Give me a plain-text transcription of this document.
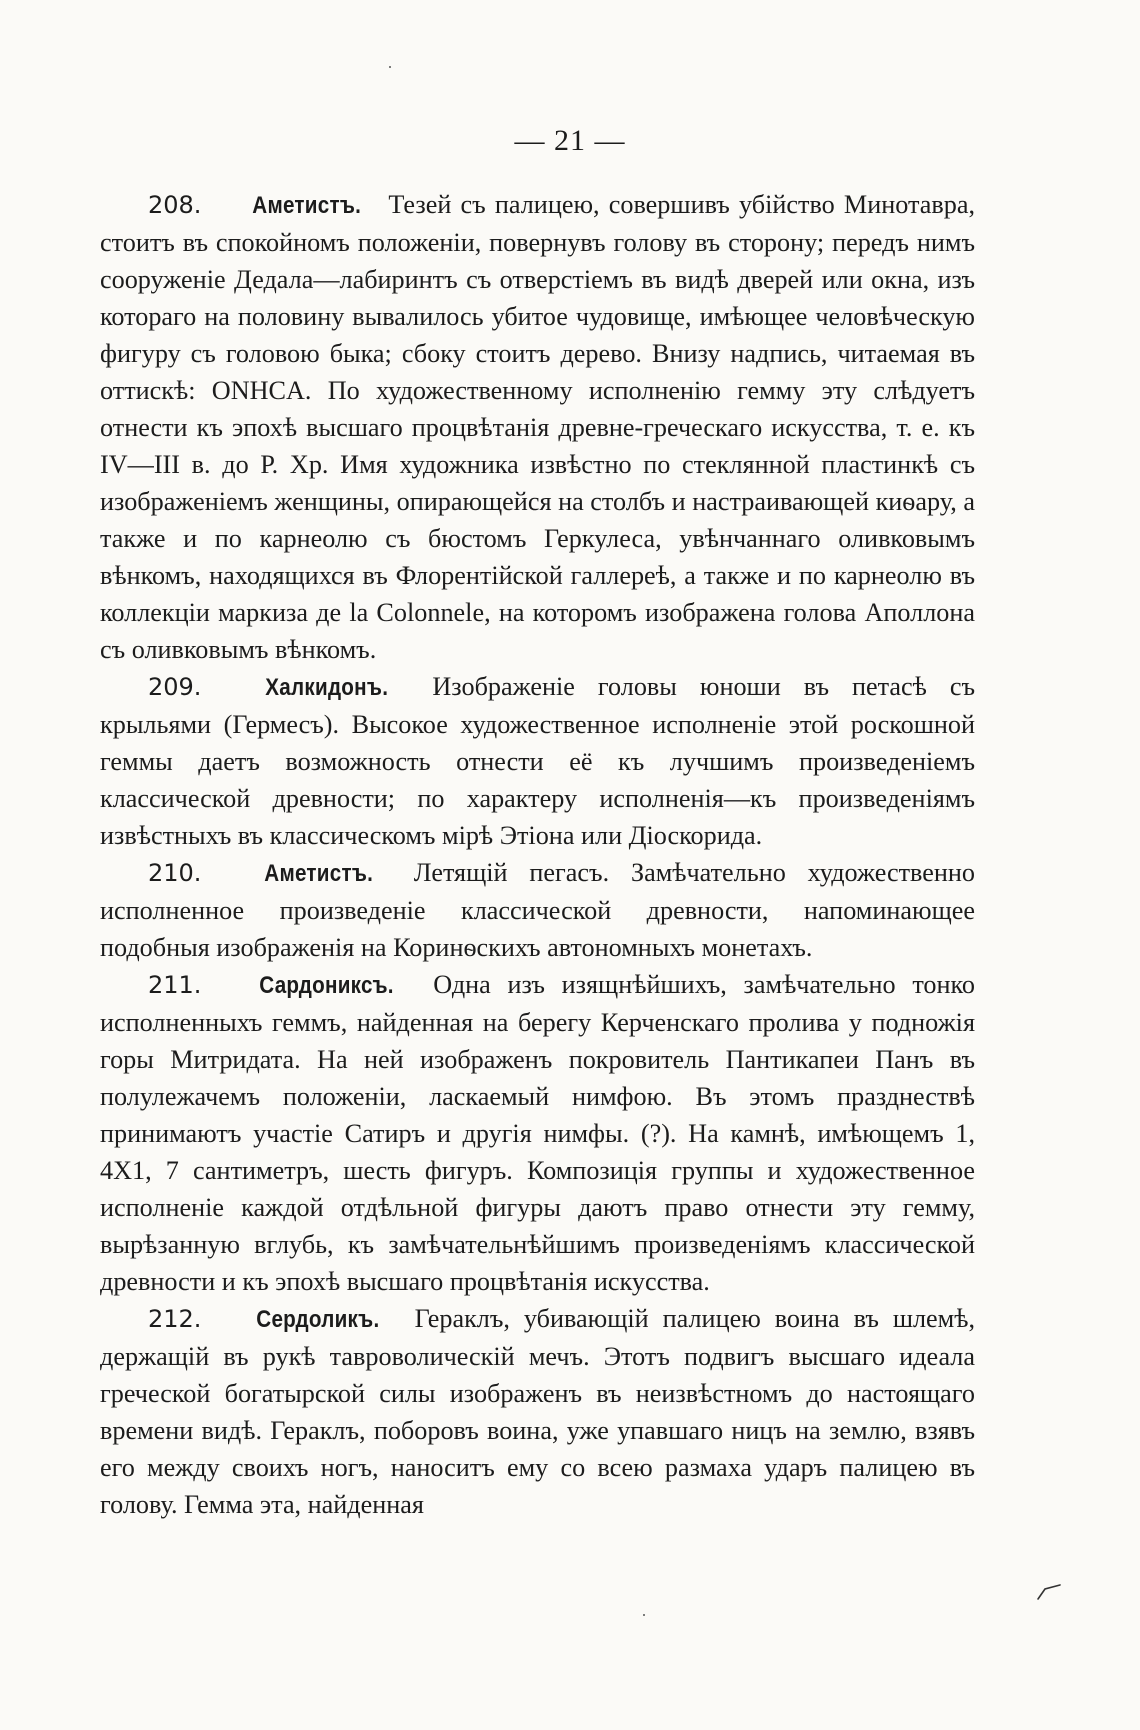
— 21 —

208. Аметистъ. Тезей съ палицею, совершивъ убійство Минотавра, стоитъ въ спокойномъ положеніи, повернувъ голову въ сторону; передъ нимъ сооруженіе Дедала—лабиринтъ съ отверстіемъ въ видѣ дверей или окна, изъ котораго на половину вывалилось убитое чудовище, имѣющее человѣческую фигуру съ головою быка; сбоку стоитъ дерево. Внизу надпись, читаемая въ оттискѣ: ONHCA. По художественному исполненію гемму эту слѣдуетъ отнести къ эпохѣ высшаго процвѣтанія древне-греческаго искусства, т. е. къ IV—III в. до Р. Хр. Имя художника извѣстно по стеклянной пластинкѣ съ изображеніемъ женщины, опирающейся на столбъ и настраивающей киѳару, а также и по карнеолю съ бюстомъ Геркулеса, увѣнчаннаго оливковымъ вѣнкомъ, находящихся въ Флорентійской галлереѣ, а также и по карнеолю въ коллекціи маркиза де la Colonnele, на которомъ изображена голова Аполлона съ оливковымъ вѣнкомъ.

209.	Халкидонъ. Изображеніе головы юноши въ петасѣ съ крыльями (Гермесъ). Высокое художественное исполненіе этой роскошной геммы даетъ возможность отнести её къ лучшимъ произведеніемъ классической древности; по характеру исполненія—къ произведеніямъ извѣстныхъ въ классическомъ мірѣ Этіона или Діоскорида.

210.	Аметистъ. Летящій пегасъ. Замѣчательно художественно исполненное произведеніе классической древности, напоминающее подобныя изображенія на Коринѳскихъ автономныхъ монетахъ.

211. Сардониксъ. Одна изъ изящнѣйшихъ, замѣчательно тонко исполненныхъ геммъ, найденная на берегу Керченскаго пролива у подножія горы Митридата. На ней изображенъ покровитель Пантикапеи Панъ въ полулежачемъ положеніи, ласкаемый нимфою. Въ этомъ празднествѣ принимаютъ участіе Сатиръ и другія нимфы. (?). На камнѣ, имѣющемъ 1, 4X1, 7 сантиметръ, шесть фигуръ. Композиція группы и художественное исполненіе каждой отдѣльной фигуры даютъ право отнести эту гемму, вырѣзанную вглубь, къ замѣчательнѣйшимъ произведеніямъ классической древности и къ эпохѣ высшаго процвѣтанія искусства.

212. Сердоликъ. Гераклъ, убивающій палицею воина въ шлемѣ, держащій въ рукѣ тавроволическій мечъ. Этотъ подвигъ высшаго идеала греческой богатырской силы изображенъ въ неизвѣстномъ до настоящаго времени видѣ. Гераклъ, поборовъ воина, уже упавшаго ницъ на землю, взявъ его между своихъ ногъ, наноситъ ему со всею размаха ударъ палицею въ голову. Гемма эта, найденная
